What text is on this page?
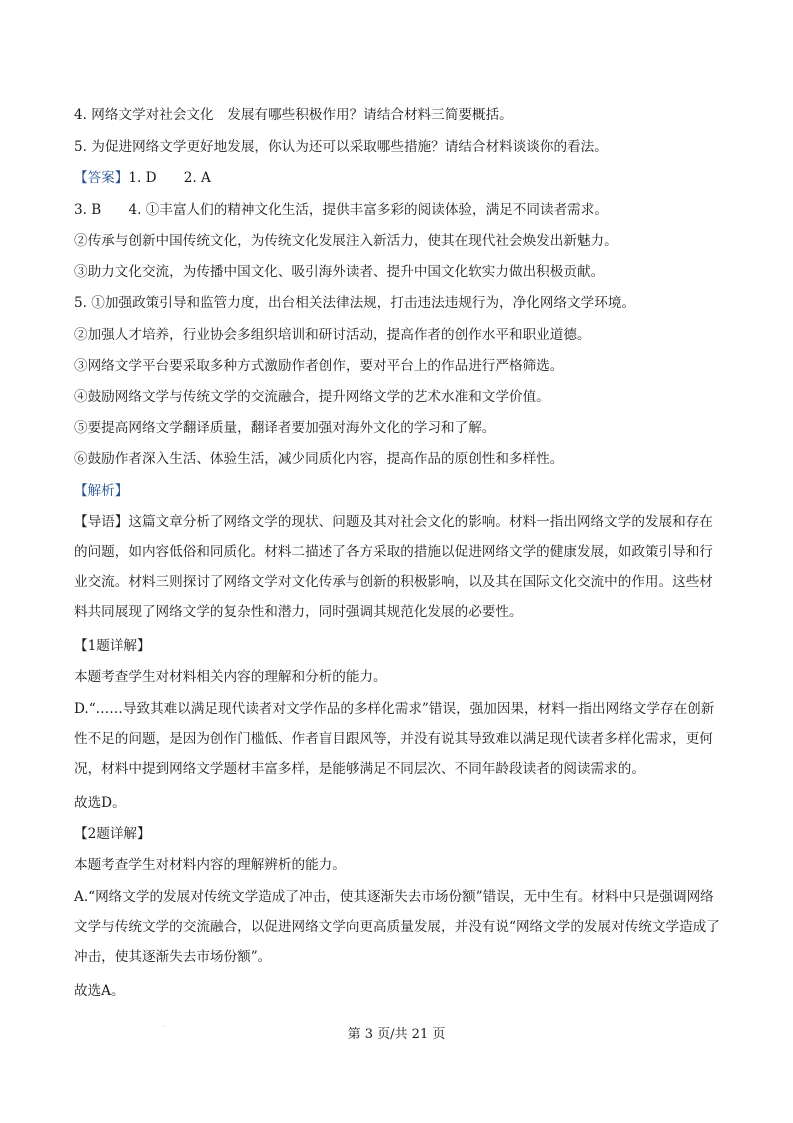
4. 网络文学对社会文化　发展有哪些积极作用？请结合材料三简要概括。
5. 为促进网络文学更好地发展，你认为还可以采取哪些措施？请结合材料谈谈你的看法。
【答案】1. D　　2. A
3. B　　4. ①丰富人们的精神文化生活，提供丰富多彩的阅读体验，满足不同读者需求。
②传承与创新中国传统文化，为传统文化发展注入新活力，使其在现代社会焕发出新魅力。
③助力文化交流，为传播中国文化、吸引海外读者、提升中国文化软实力做出积极贡献。
5. ①加强政策引导和监管力度，出台相关法律法规，打击违法违规行为，净化网络文学环境。
②加强人才培养，行业协会多组织培训和研讨活动，提高作者的创作水平和职业道德。
③网络文学平台要采取多种方式激励作者创作，要对平台上的作品进行严格筛选。
④鼓励网络文学与传统文学的交流融合，提升网络文学的艺术水准和文学价值。
⑤要提高网络文学翻译质量，翻译者要加强对海外文化的学习和了解。
⑥鼓励作者深入生活、体验生活，减少同质化内容，提高作品的原创性和多样性。
【解析】
【导语】这篇文章分析了网络文学的现状、问题及其对社会文化的影响。材料一指出网络文学的发展和存在的问题，如内容低俗和同质化。材料二描述了各方采取的措施以促进网络文学的健康发展，如政策引导和行业交流。材料三则探讨了网络文学对文化传承与创新的积极影响，以及其在国际文化交流中的作用。这些材料共同展现了网络文学的复杂性和潜力，同时强调其规范化发展的必要性。
【1题详解】
本题考查学生对材料相关内容的理解和分析的能力。
D.“……导致其难以满足现代读者对文学作品的多样化需求”错误，强加因果，材料一指出网络文学存在创新性不足的问题，是因为创作门槛低、作者盲目跟风等，并没有说其导致难以满足现代读者多样化需求，更何况，材料中提到网络文学题材丰富多样，是能够满足不同层次、不同年龄段读者的阅读需求的。
故选D。
【2题详解】
本题考查学生对材料内容的理解辨析的能力。
A.“网络文学的发展对传统文学造成了冲击，使其逐渐失去市场份额”错误，无中生有。材料中只是强调网络文学与传统文学的交流融合，以促进网络文学向更高质量发展，并没有说“网络文学的发展对传统文学造成了冲击，使其逐渐失去市场份额”。
故选A。
·
第 3 页/共 21 页
